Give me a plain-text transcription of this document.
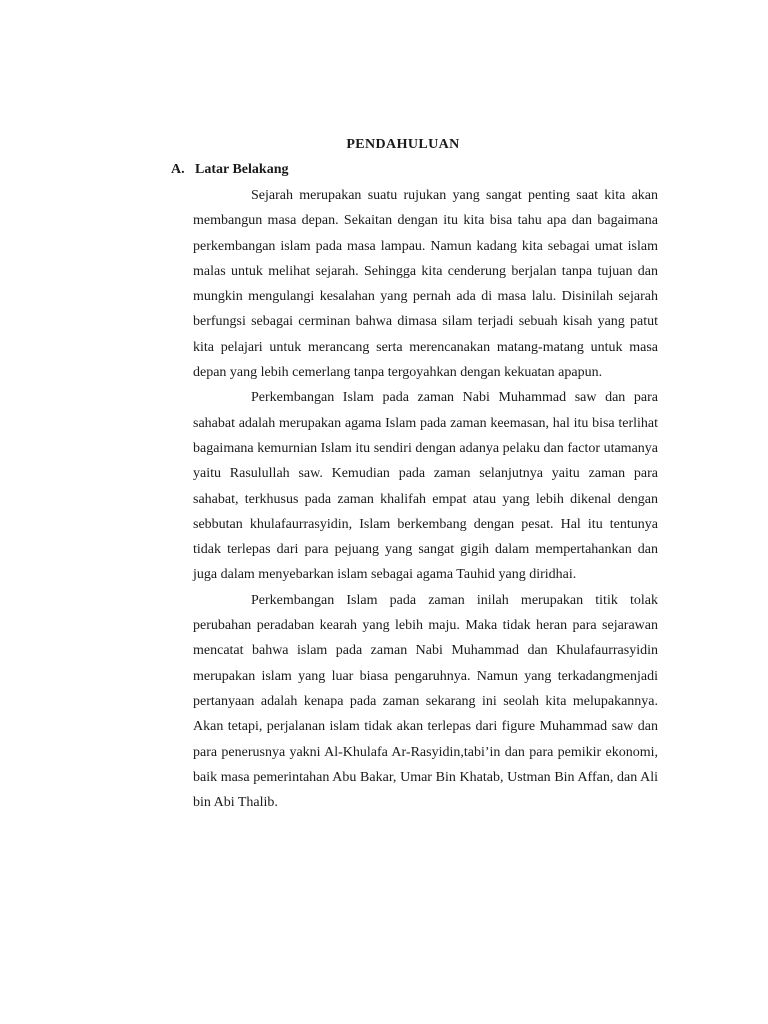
PENDAHULUAN
A. Latar Belakang

Sejarah merupakan suatu rujukan yang sangat penting saat kita akan membangun masa depan. Sekaitan dengan itu kita bisa tahu apa dan bagaimana perkembangan islam pada masa lampau. Namun kadang kita sebagai umat islam malas untuk melihat sejarah. Sehingga kita cenderung berjalan tanpa tujuan dan mungkin mengulangi kesalahan yang pernah ada di masa lalu. Disinilah sejarah berfungsi sebagai cerminan bahwa dimasa silam terjadi sebuah kisah yang patut kita pelajari untuk merancang serta merencanakan matang-matang untuk masa depan yang lebih cemerlang tanpa tergoyahkan dengan kekuatan apapun.

Perkembangan Islam pada zaman Nabi Muhammad saw dan para sahabat adalah merupakan agama Islam pada zaman keemasan, hal itu bisa terlihat bagaimana kemurnian Islam itu sendiri dengan adanya pelaku dan factor utamanya yaitu Rasulullah saw. Kemudian pada zaman selanjutnya yaitu zaman para sahabat, terkhusus pada zaman khalifah empat atau yang lebih dikenal dengan sebbutan khulafaurrasyidin, Islam berkembang dengan pesat. Hal itu tentunya tidak terlepas dari para pejuang yang sangat gigih dalam mempertahankan dan juga dalam menyebarkan islam sebagai agama Tauhid yang diridhai.

Perkembangan Islam pada zaman inilah merupakan titik tolak perubahan peradaban kearah yang lebih maju. Maka tidak heran para sejarawan mencatat bahwa islam pada zaman Nabi Muhammad dan Khulafaurrasyidin merupakan islam yang luar biasa pengaruhnya. Namun yang terkadangmenjadi pertanyaan adalah kenapa pada zaman sekarang ini seolah kita melupakannya. Akan tetapi, perjalanan islam tidak akan terlepas dari figure Muhammad saw dan para penerusnya yakni Al-Khulafa Ar-Rasyidin,tabi’in dan para pemikir ekonomi, baik masa pemerintahan Abu Bakar, Umar Bin Khatab, Ustman Bin Affan, dan Ali bin Abi Thalib.
